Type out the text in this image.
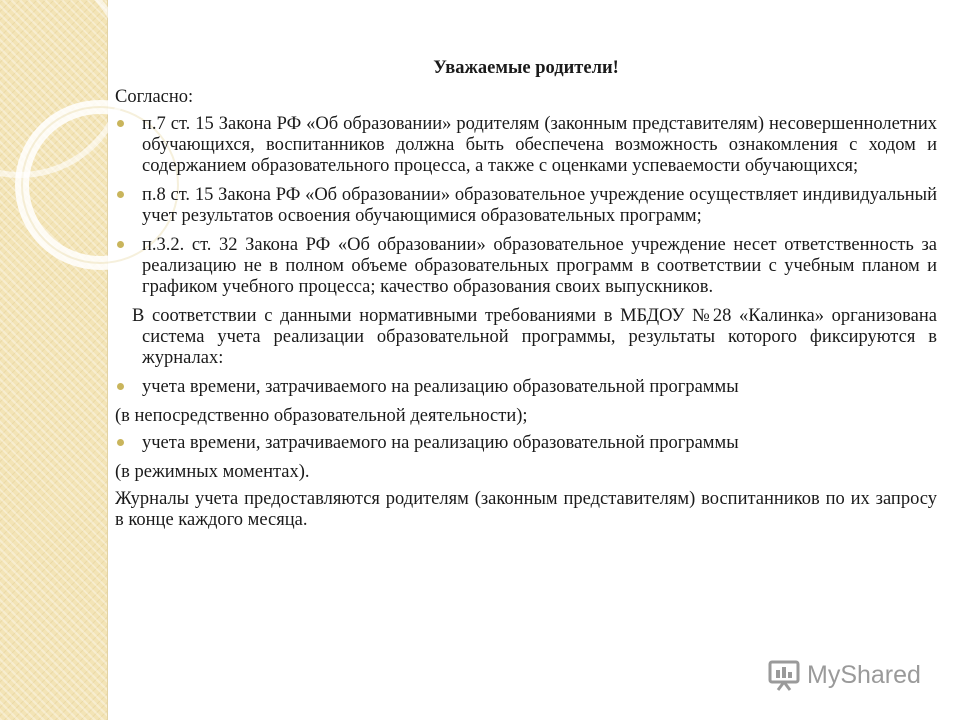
Уважаемые родители!
Согласно:
п.7 ст. 15 Закона РФ «Об образовании» родителям (законным представителям) несовершеннолетних обучающихся, воспитанников должна быть обеспечена возможность ознакомления с ходом и содержанием образовательного процесса, а также с оценками успеваемости обучающихся;
п.8 ст. 15 Закона РФ «Об образовании» образовательное учреждение осуществляет индивидуальный учет результатов освоения обучающимися образовательных программ;
п.3.2. ст. 32 Закона РФ «Об образовании» образовательное учреждение несет ответственность за реализацию не в полном объеме образовательных программ в соответствии с учебным планом и графиком учебного процесса; качество образования своих выпускников.
В соответствии с данными нормативными требованиями в МБДОУ №28 «Калинка» организована система учета реализации образовательной программы, результаты которого фиксируются в журналах:
учета времени, затрачиваемого на реализацию образовательной программы
(в непосредственно образовательной деятельности);
учета времени, затрачиваемого на реализацию образовательной программы
(в режимных моментах).
Журналы учета предоставляются родителям (законным представителям) воспитанников по их запросу в конце каждого месяца.
MyShared
